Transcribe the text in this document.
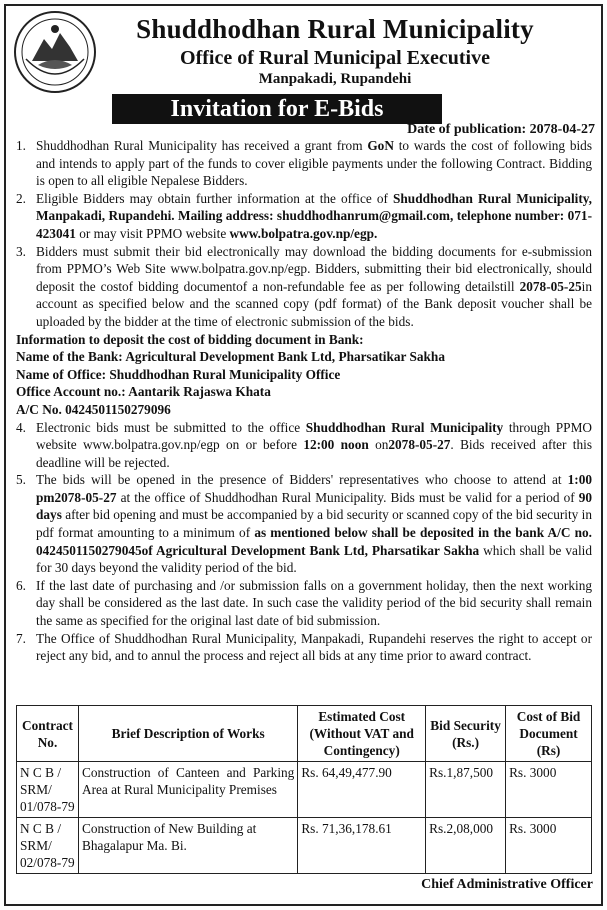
Shuddhodhan Rural Municipality
Office of Rural Municipal Executive
Manpakadi, Rupandehi
Invitation for E-Bids
Date of publication: 2078-04-27
1. Shuddhodhan Rural Municipality has received a grant from GoN to wards the cost of following bids and intends to apply part of the funds to cover eligible payments under the following Contract. Bidding is open to all eligible Nepalese Bidders.
2. Eligible Bidders may obtain further information at the office of Shuddhodhan Rural Municipality, Manpakadi, Rupandehi. Mailing address: shuddhodhanrum@gmail.com, telephone number: 071-423041 or may visit PPMO website www.bolpatra.gov.np/egp.
3. Bidders must submit their bid electronically may download the bidding documents for e-submission from PPMO’s Web Site www.bolpatra.gov.np/egp. Bidders, submitting their bid electronically, should deposit the costof bidding documentof a non-refundable fee as per following detailstill 2078-05-25in account as specified below and the scanned copy (pdf format) of the Bank deposit voucher shall be uploaded by the bidder at the time of electronic submission of the bids.
Information to deposit the cost of bidding document in Bank:
Name of the Bank: Agricultural Development Bank Ltd, Pharsatikar Sakha
Name of Office: Shuddhodhan Rural Municipality Office
Office Account no.: Aantarik Rajaswa Khata
A/C No. 0424501150279096
4. Electronic bids must be submitted to the office Shuddhodhan Rural Municipality through PPMO website www.bolpatra.gov.np/egp on or before 12:00 noon on2078-05-27. Bids received after this deadline will be rejected.
5. The bids will be opened in the presence of Bidders' representatives who choose to attend at 1:00 pm2078-05-27 at the office of Shuddhodhan Rural Municipality. Bids must be valid for a period of 90 days after bid opening and must be accompanied by a bid security or scanned copy of the bid security in pdf format amounting to a minimum of as mentioned below shall be deposited in the bank A/C no. 0424501150279045of Agricultural Development Bank Ltd, Pharsatikar Sakha which shall be valid for 30 days beyond the validity period of the bid.
6. If the last date of purchasing and /or submission falls on a government holiday, then the next working day shall be considered as the last date. In such case the validity period of the bid security shall remain the same as specified for the original last date of bid submission.
7. The Office of Shuddhodhan Rural Municipality, Manpakadi, Rupandehi reserves the right to accept or reject any bid, and to annul the process and reject all bids at any time prior to award contract.
Contract No.	Brief Description of Works	Estimated Cost (Without VAT and Contingency)	Bid Security (Rs.)	Cost of Bid Document (Rs)
N C B / SRM/ 01/078-79	Construction of Canteen and Parking Area at Rural Municipality Premises	Rs. 64,49,477.90	Rs.1,87,500	Rs. 3000
N C B / SRM/ 02/078-79	Construction of New Building at Bhagalapur Ma. Bi.	Rs. 71,36,178.61	Rs.2,08,000	Rs. 3000
Chief Administrative Officer
